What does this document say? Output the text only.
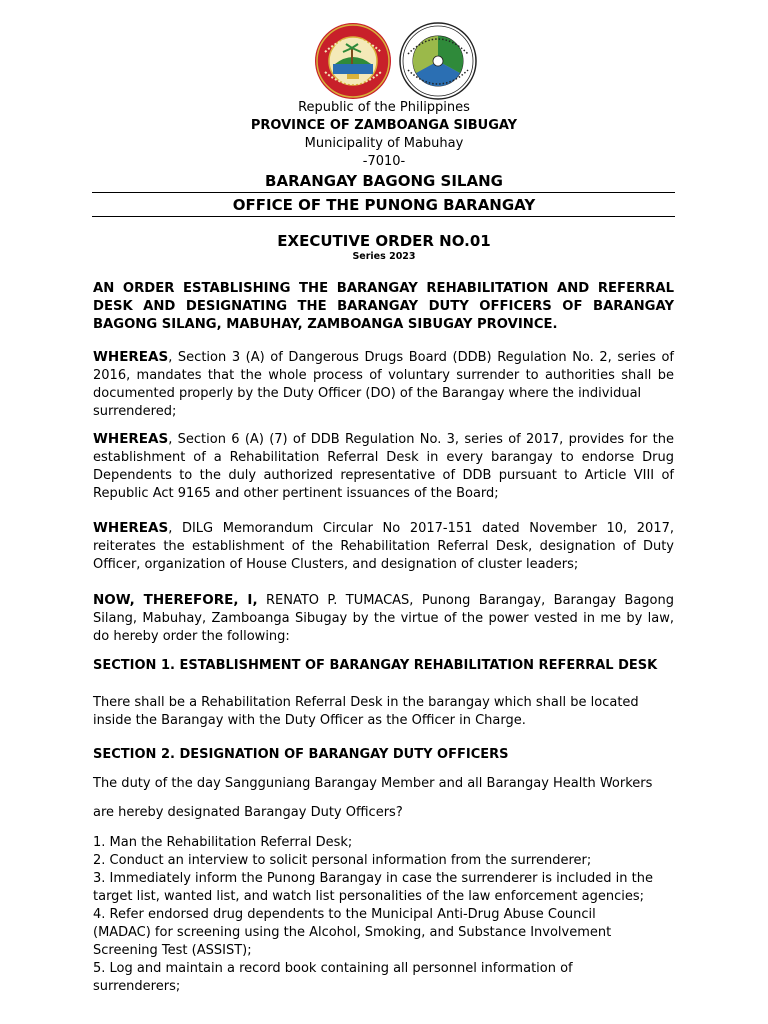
Republic of the Philippines
PROVINCE OF ZAMBOANGA SIBUGAY
Municipality of Mabuhay
-7010-
BARANGAY BAGONG SILANG
OFFICE OF THE PUNONG BARANGAY
EXECUTIVE ORDER NO.01
Series 2023
AN ORDER ESTABLISHING THE BARANGAY REHABILITATION AND REFERRAL DESK AND DESIGNATING THE BARANGAY DUTY OFFICERS OF BARANGAY BAGONG SILANG, MABUHAY, ZAMBOANGA SIBUGAY PROVINCE.
WHEREAS, Section 3 (A) of Dangerous Drugs Board (DDB) Regulation No. 2, series of 2016, mandates that the whole process of voluntary surrender to authorities shall be documented properly by the Duty Officer (DO) of the Barangay where the individual
surrendered;
WHEREAS, Section 6 (A) (7) of DDB Regulation No. 3, series of 2017, provides for the establishment of a Rehabilitation Referral Desk in every barangay to endorse Drug Dependents to the duly authorized representative of DDB pursuant to Article VIII of Republic Act 9165 and other pertinent issuances of the Board;
WHEREAS, DILG Memorandum Circular No 2017-151 dated November 10, 2017, reiterates the establishment of the Rehabilitation Referral Desk, designation of Duty Officer, organization of House Clusters, and designation of cluster leaders;
NOW, THEREFORE, I, RENATO P. TUMACAS, Punong Barangay, Barangay Bagong Silang, Mabuhay, Zamboanga Sibugay by the virtue of the power vested in me by law, do hereby order the following:
SECTION 1. ESTABLISHMENT OF BARANGAY REHABILITATION REFERRAL DESK
There shall be a Rehabilitation Referral Desk in the barangay which shall be located
inside the Barangay with the Duty Officer as the Officer in Charge.
SECTION 2. DESIGNATION OF BARANGAY DUTY OFFICERS
The duty of the day Sangguniang Barangay Member and all Barangay Health Workers
are hereby designated Barangay Duty Officers?
1. Man the Rehabilitation Referral Desk;
2. Conduct an interview to solicit personal information from the surrenderer;
3. Immediately inform the Punong Barangay in case the surrenderer is included in the
target list, wanted list, and watch list personalities of the law enforcement agencies;
4. Refer endorsed drug dependents to the Municipal Anti-Drug Abuse Council
(MADAC) for screening using the Alcohol, Smoking, and Substance Involvement
Screening Test (ASSIST);
5. Log and maintain a record book containing all personnel information of
surrenderers;
